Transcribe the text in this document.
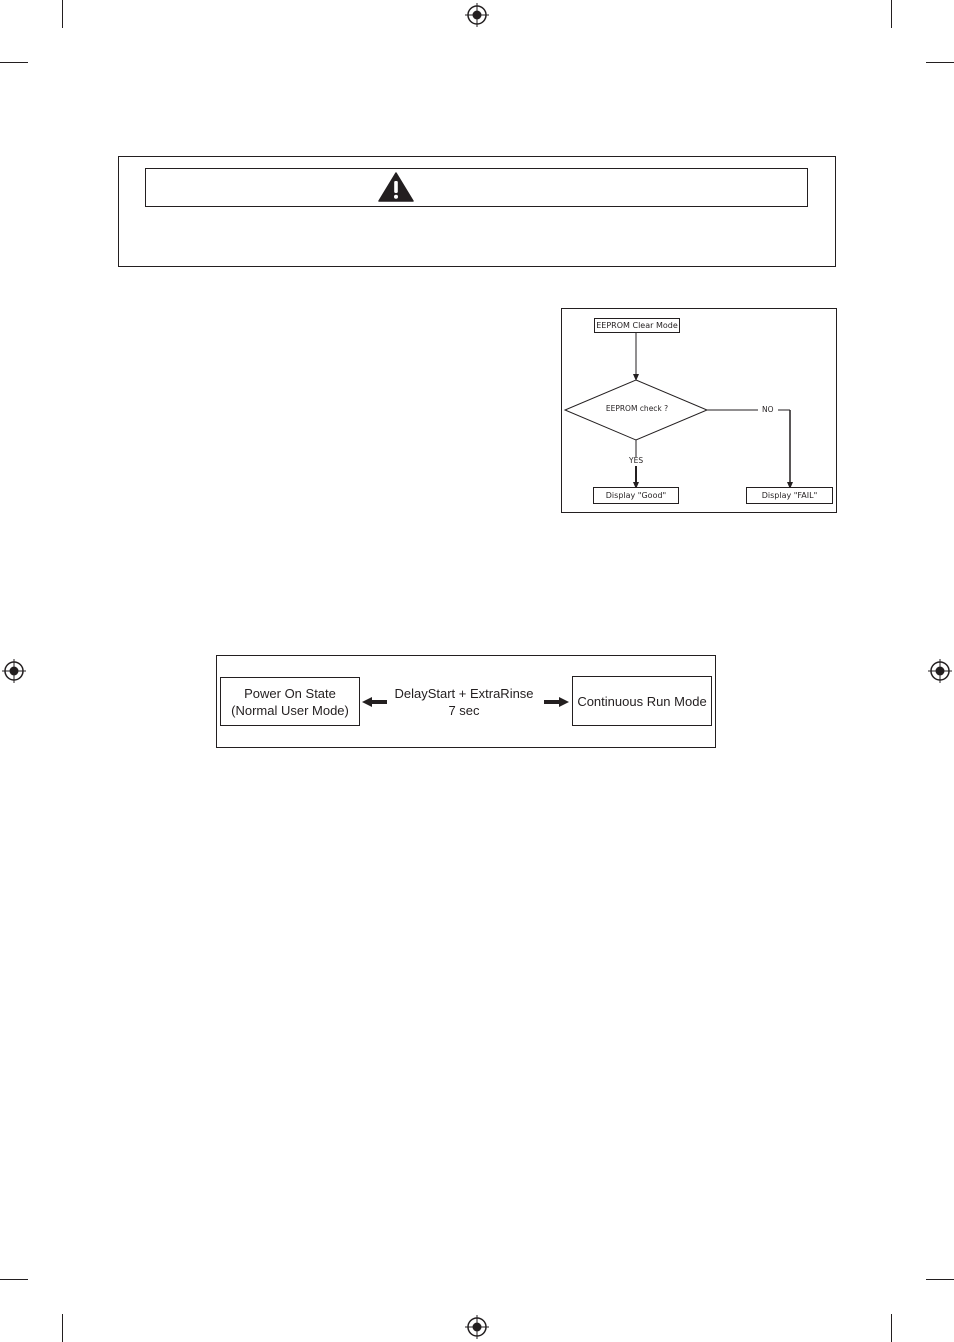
EEPROM Clear Mode
EEPROM check ?	NO
YES
Display "Good"	Display "FAIL"
Power On State
(Normal User Mode)
DelayStart + ExtraRinse
7 sec
Continuous Run Mode
